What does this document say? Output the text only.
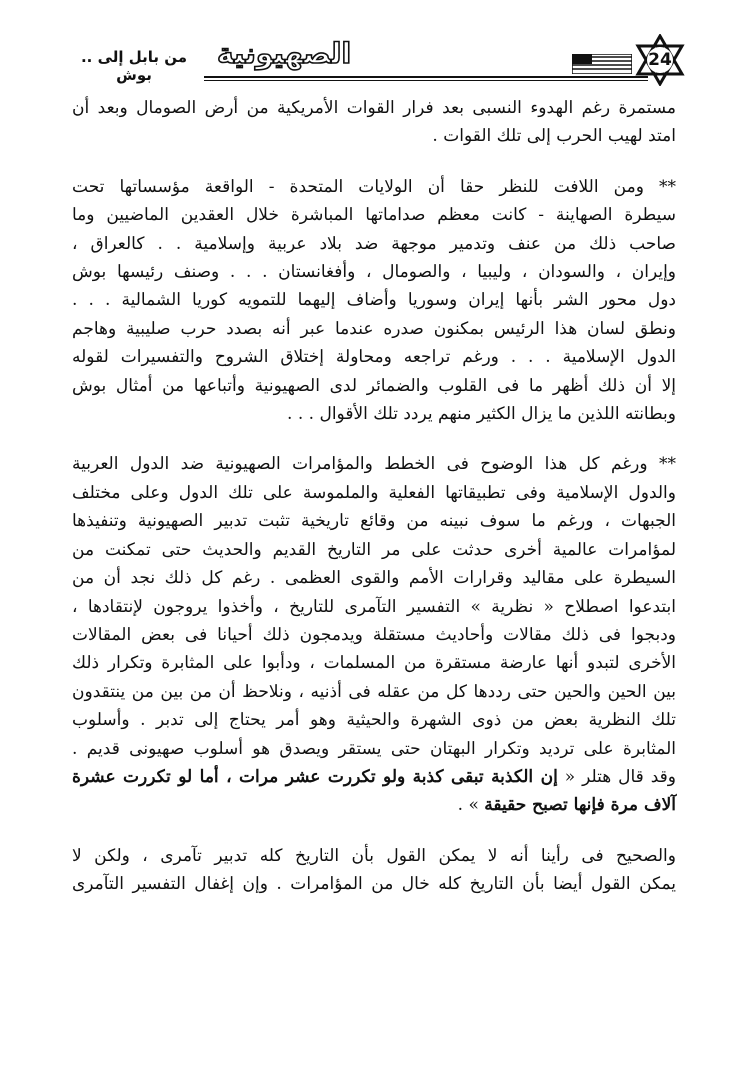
.. من بابل إلى بوش
الصهيونية	24
مستمرة رغم الهدوء النسبى بعد فرار القوات الأمريكية من أرض الصومال وبعد أن
امتد لهيب الحرب إلى تلك القوات .
** ومن اللافت للنظر حقا أن الولايات المتحدة - الواقعة مؤسساتها تحت
سيطرة الصهاينة - كانت معظم صداماتها المباشرة خلال العقدين الماضيين وما
صاحب ذلك من عنف وتدمير موجهة ضد بلاد عربية وإسلامية . . كالعراق ،
وإيران ، والسودان ، وليبيا ، والصومال ، وأفغانستان . . . وصنف رئيسها بوش
دول محور الشر بأنها إيران وسوريا وأضاف إليهما للتمويه كوريا الشمالية . . .
ونطق لسان هذا الرئيس بمكنون صدره عندما عبر أنه بصدد حرب صليبية وهاجم
الدول الإسلامية . . . ورغم تراجعه ومحاولة إختلاق الشروح والتفسيرات لقوله
إلا أن ذلك أظهر ما فى القلوب والضمائر لدى الصهيونية وأتباعها من أمثال بوش
وبطانته اللذين ما يزال الكثير منهم يردد تلك الأقوال . . .
** ورغم كل هذا الوضوح فى الخطط والمؤامرات الصهيونية ضد الدول العربية
والدول الإسلامية وفى تطبيقاتها الفعلية والملموسة على تلك الدول وعلى مختلف
الجبهات ، ورغم ما سوف نبينه من وقائع تاريخية تثبت تدبير الصهيونية وتنفيذها
لمؤامرات عالمية أخرى حدثت على مر التاريخ القديم والحديث حتى تمكنت من
السيطرة على مقاليد وقرارات الأمم والقوى العظمى . رغم كل ذلك نجد أن من
ابتدعوا اصطلاح « نظرية » التفسير التآمرى للتاريخ ، وأخذوا يروجون لإنتقادها ،
ودبجوا فى ذلك مقالات وأحاديث مستقلة ويدمجون ذلك أحيانا فى بعض المقالات
الأخرى لتبدو أنها عارضة مستقرة من المسلمات ، ودأبوا على المثابرة وتكرار ذلك
بين الحين والحين حتى رددها كل من عقله فى أذنيه ، ونلاحظ أن من بين من ينتقدون
تلك النظرية بعض من ذوى الشهرة والحيثية وهو أمر يحتاج إلى تدبر . وأسلوب
المثابرة على ترديد وتكرار البهتان حتى يستقر ويصدق هو أسلوب صهيونى قديم .
وقد قال هتلر « إن الكذبة تبقى كذبة ولو تكررت عشر مرات ، أما لو تكررت عشرة
آلاف مرة فإنها تصبح حقيقة » .
والصحيح فى رأينا أنه لا يمكن القول بأن التاريخ كله تدبير تآمرى ، ولكن لا
يمكن القول أيضا بأن التاريخ كله خال من المؤامرات . وإن إغفال التفسير التآمرى
